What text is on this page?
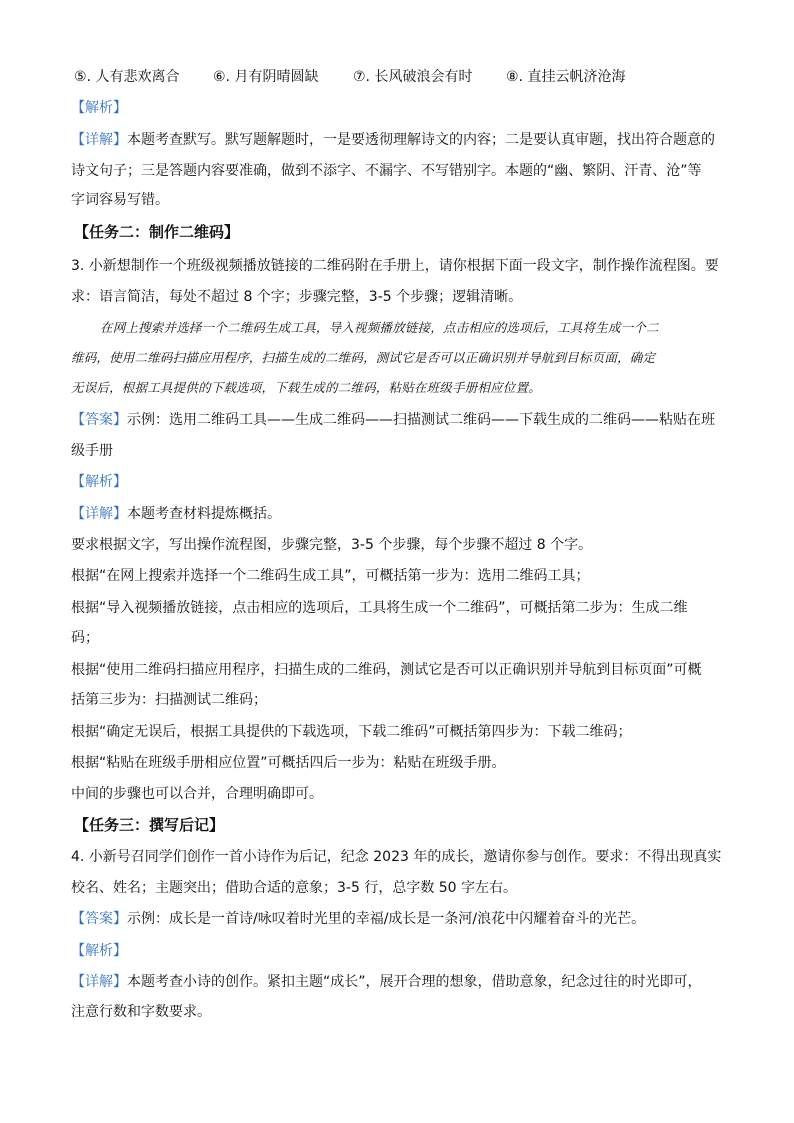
⑤. 人有悲欢离合 ⑥. 月有阴晴圆缺 ⑦. 长风破浪会有时 ⑧. 直挂云帆济沧海
【解析】
【详解】本题考查默写。默写题解题时，一是要透彻理解诗文的内容；二是要认真审题，找出符合题意的
诗文句子；三是答题内容要准确，做到不添字、不漏字、不写错别字。本题的“幽、繁阴、汗青、沧”等
字词容易写错。
【任务二：制作二维码】
3. 小新想制作一个班级视频播放链接的二维码附在手册上，请你根据下面一段文字，制作操作流程图。要
求：语言简洁，每处不超过 8 个字；步骤完整，3-5 个步骤；逻辑清晰。
在网上搜索并选择一个二维码生成工具，导入视频播放链接，点击相应的选项后，工具将生成一个二
维码，使用二维码扫描应用程序，扫描生成的二维码，测试它是否可以正确识别并导航到目标页面，确定
无误后，根据工具提供的下载选项，下载生成的二维码，粘贴在班级手册相应位置。
【答案】示例：选用二维码工具——生成二维码——扫描测试二维码——下载生成的二维码——粘贴在班
级手册
【解析】
【详解】本题考查材料提炼概括。
要求根据文字，写出操作流程图，步骤完整，3-5 个步骤，每个步骤不超过 8 个字。
根据“在网上搜索并选择一个二维码生成工具”，可概括第一步为：选用二维码工具；
根据“导入视频播放链接，点击相应的选项后，工具将生成一个二维码”，可概括第二步为：生成二维
码；
根据“使用二维码扫描应用程序，扫描生成的二维码，测试它是否可以正确识别并导航到目标页面”可概
括第三步为：扫描测试二维码；
根据“确定无误后，根据工具提供的下载选项，下载二维码”可概括第四步为：下载二维码；
根据“粘贴在班级手册相应位置”可概括四后一步为：粘贴在班级手册。
中间的步骤也可以合并，合理明确即可。
【任务三：撰写后记】
4. 小新号召同学们创作一首小诗作为后记，纪念 2023 年的成长，邀请你参与创作。要求：不得出现真实
校名、姓名；主题突出；借助合适的意象；3-5 行，总字数 50 字左右。
【答案】示例：成长是一首诗/咏叹着时光里的幸福/成长是一条河/浪花中闪耀着奋斗的光芒。
【解析】
【详解】本题考查小诗的创作。紧扣主题“成长”，展开合理的想象，借助意象，纪念过往的时光即可，
注意行数和字数要求。
